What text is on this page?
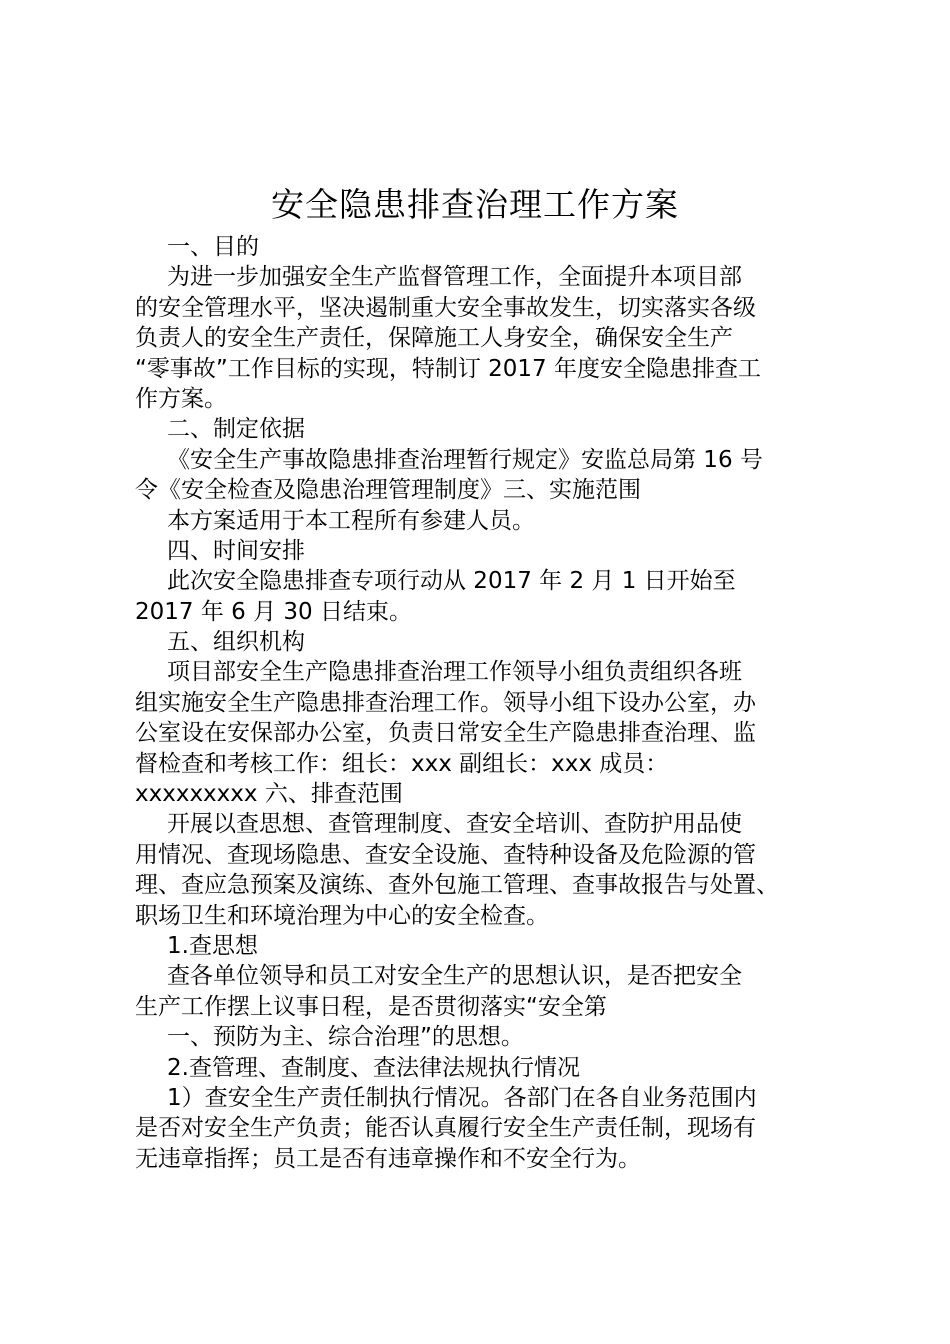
安全隐患排查治理工作方案
一、目的
为进一步加强安全生产监督管理工作，全面提升本项目部
的安全管理水平，坚决遏制重大安全事故发生，切实落实各级
负责人的安全生产责任，保障施工人身安全，确保安全生产
“零事故”工作目标的实现，特制订 2017 年度安全隐患排查工
作方案。
二、制定依据
《安全生产事故隐患排查治理暂行规定》安监总局第 16 号
令《安全检查及隐患治理管理制度》三、实施范围
本方案适用于本工程所有参建人员。
四、时间安排
此次安全隐患排查专项行动从 2017 年 2 月 1 日开始至
2017 年 6 月 30 日结束。
五、组织机构
项目部安全生产隐患排查治理工作领导小组负责组织各班
组实施安全生产隐患排查治理工作。领导小组下设办公室，办
公室设在安保部办公室，负责日常安全生产隐患排查治理、监
督检查和考核工作：组长：xxx 副组长：xxx 成员：
xxxxxxxxx 六、排查范围
开展以查思想、查管理制度、查安全培训、查防护用品使
用情况、查现场隐患、查安全设施、查特种设备及危险源的管
理、查应急预案及演练、查外包施工管理、查事故报告与处置、
职场卫生和环境治理为中心的安全检查。
1.查思想
查各单位领导和员工对安全生产的思想认识，是否把安全
生产工作摆上议事日程，是否贯彻落实“安全第
一、预防为主、综合治理”的思想。
2.查管理、查制度、查法律法规执行情况
1）查安全生产责任制执行情况。各部门在各自业务范围内
是否对安全生产负责；能否认真履行安全生产责任制，现场有
无违章指挥；员工是否有违章操作和不安全行为。
